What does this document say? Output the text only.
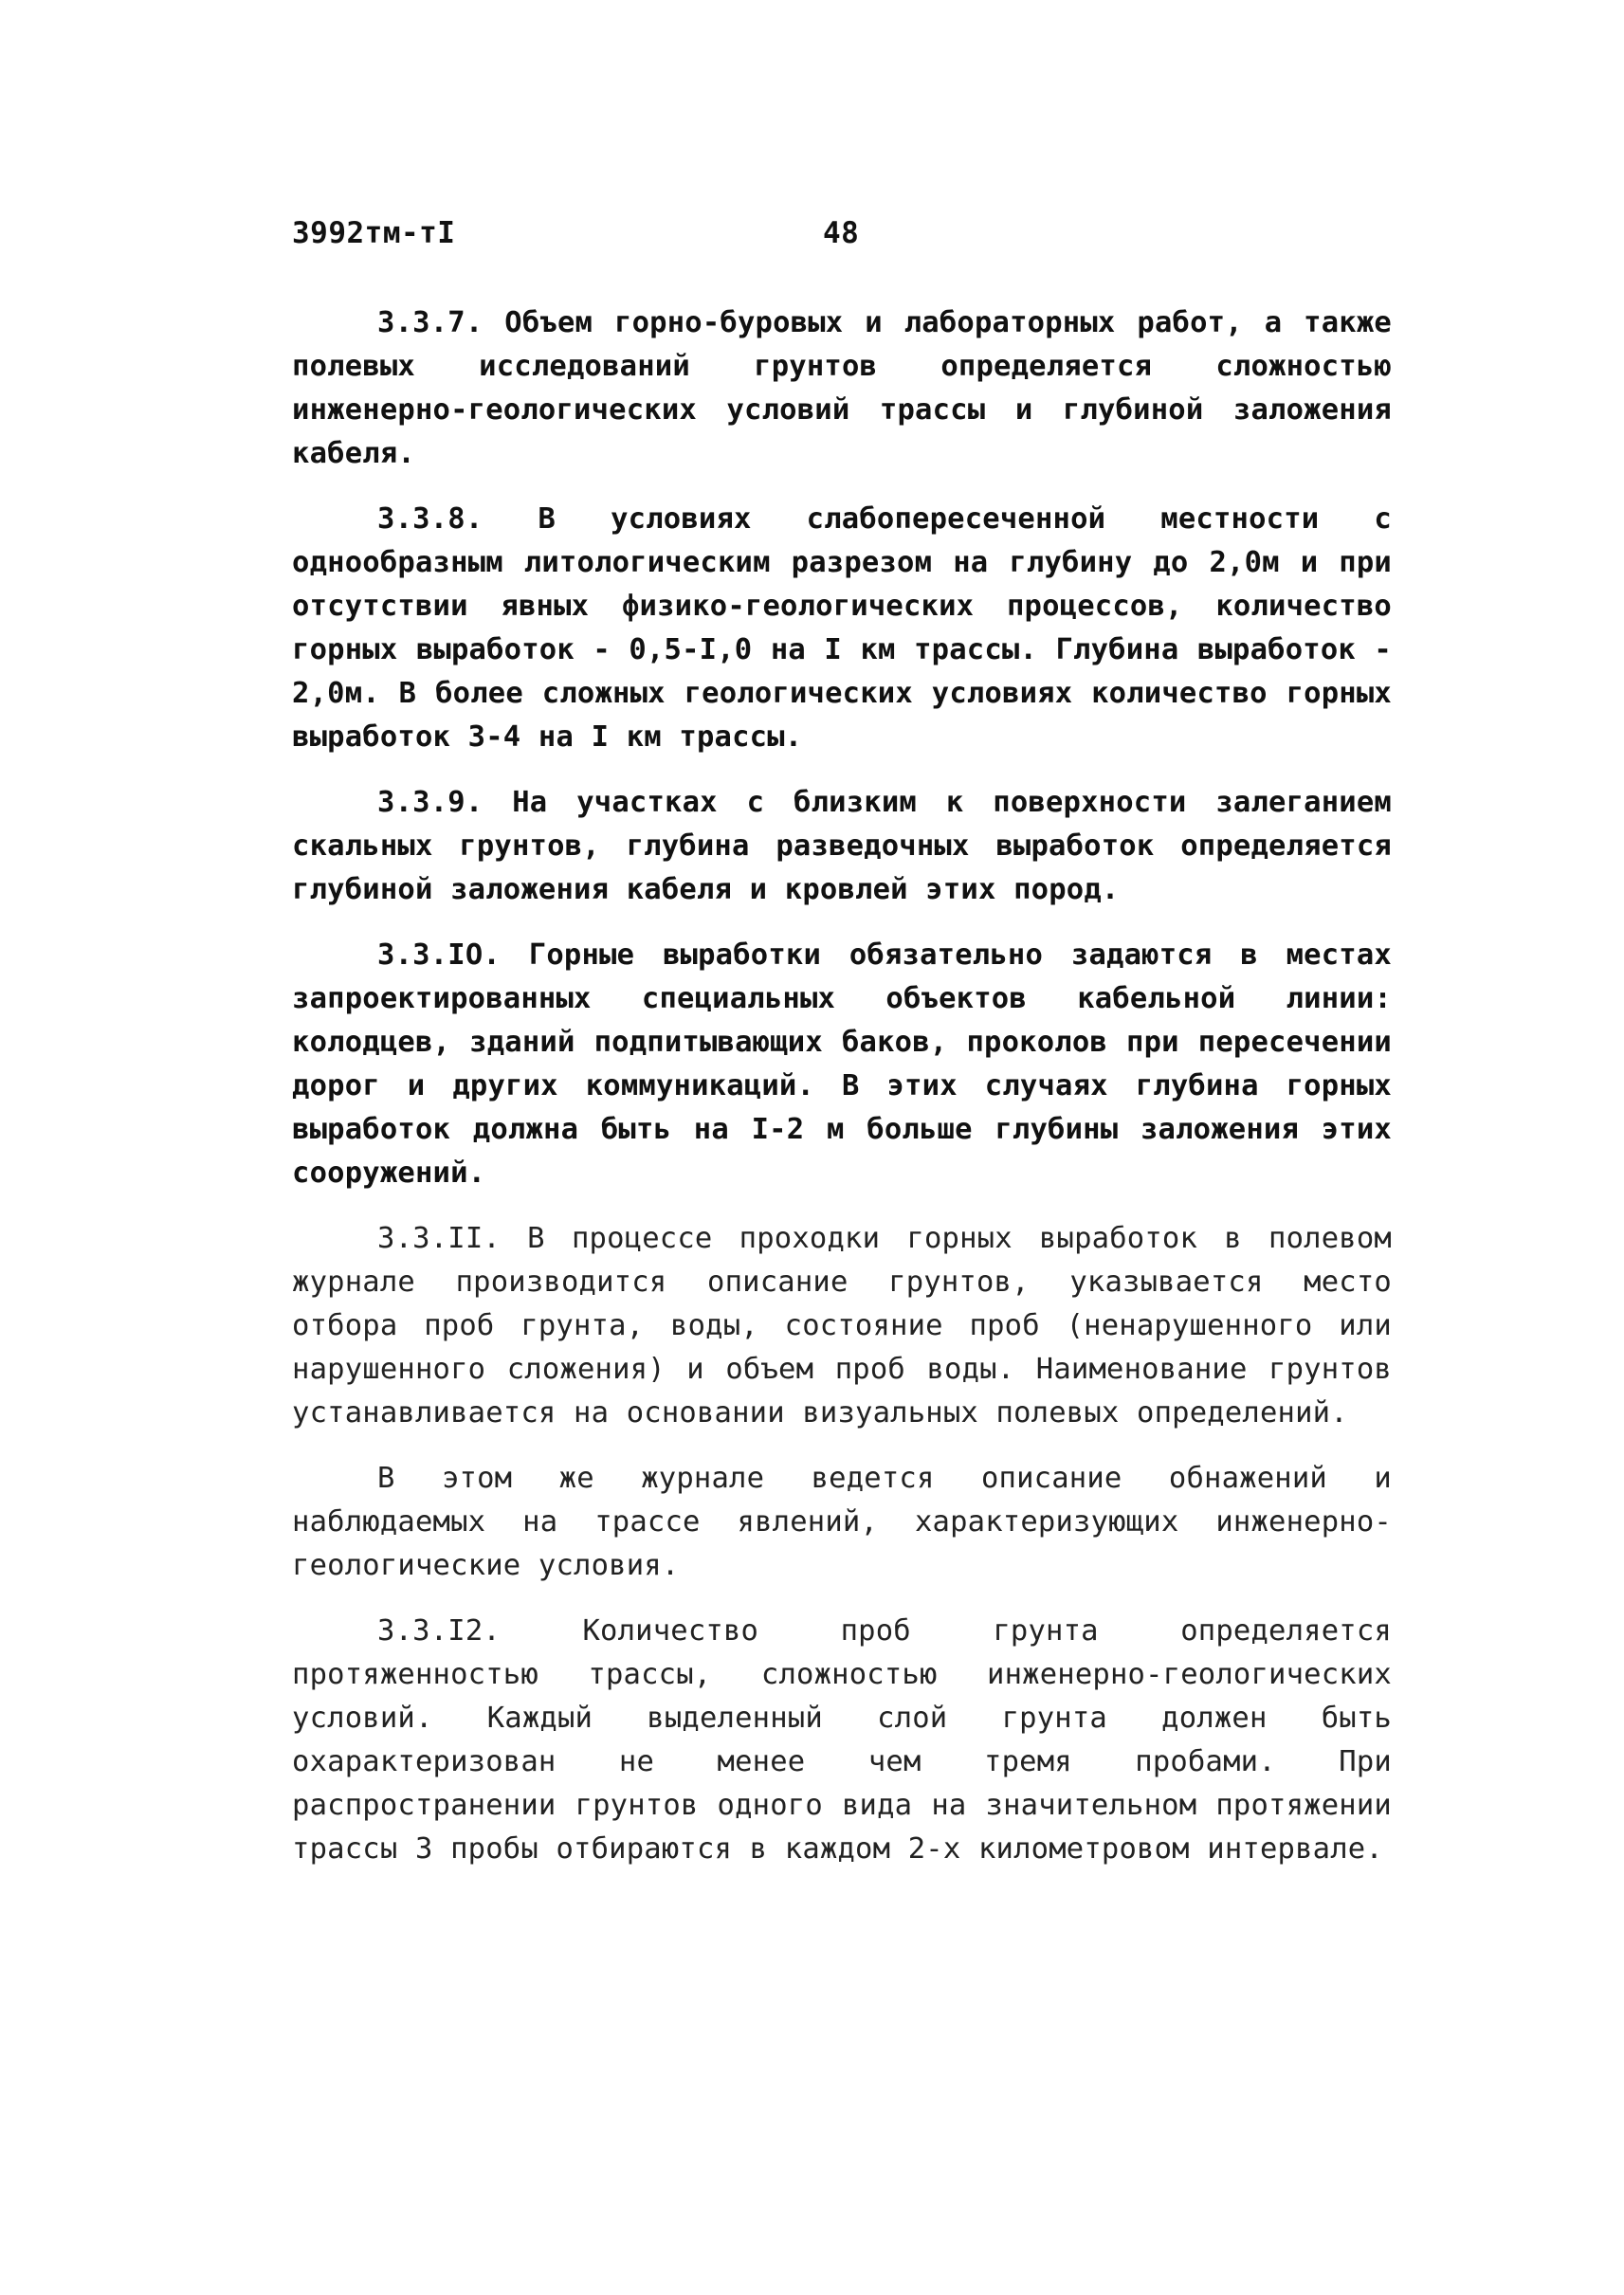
3992тм-тI	48

3.3.7. Объем горно-буровых и лабораторных работ, а также полевых исследований грунтов определяется сложностью инженерно-геологических условий трассы и глубиной заложения кабеля.

3.3.8. В условиях слабопересеченной местности с однообразным литологическим разрезом на глубину до 2,0м и при отсутствии явных физико-геологических процессов, количество горных выработок - 0,5-I,0 на I км трассы. Глубина выработок - 2,0м. В более сложных геологических условиях количество горных выработок 3-4 на I км трассы.

3.3.9. На участках с близким к поверхности залеганием скальных грунтов, глубина разведочных выработок определяется глубиной заложения кабеля и кровлей этих пород.

3.3.IO. Горные выработки обязательно задаются в местах запроектированных специальных объектов кабельной линии: колодцев, зданий подпитывающих баков, проколов при пересечении дорог и других коммуникаций. В этих случаях глубина горных выработок должна быть на I-2 м больше глубины заложения этих сооружений.

3.3.II. В процессе проходки горных выработок в полевом журнале производится описание грунтов, указывается место отбора проб грунта, воды, состояние проб (ненарушенного или нарушенного сложения) и объем проб воды. Наименование грунтов устанавливается на основании визуальных полевых определений.

В этом же журнале ведется описание обнажений и наблюдаемых на трассе явлений, характеризующих инженерно-геологические условия.

3.3.I2. Количество проб грунта определяется протяженностью трассы, сложностью инженерно-геологических условий. Каждый выделенный слой грунта должен быть охарактеризован не менее чем тремя пробами. При распространении грунтов одного вида на значительном протяжении трассы 3 пробы отбираются в каждом 2-х километровом интервале.
